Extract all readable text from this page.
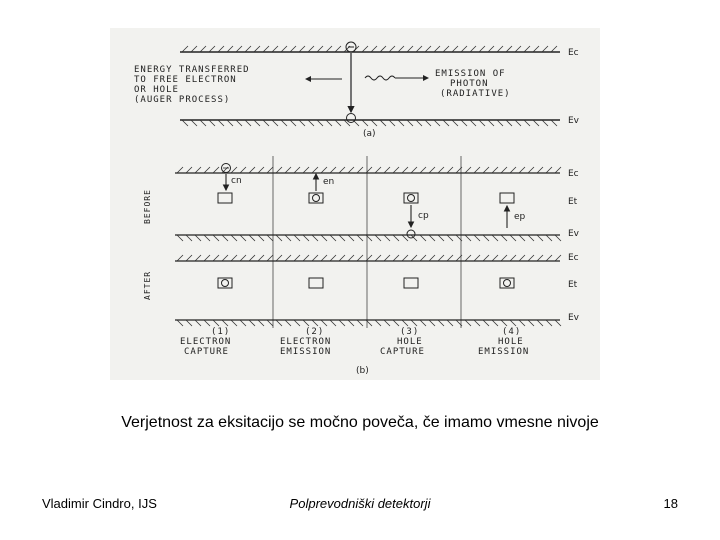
Ec
Ev
ENERGY TRANSFERRED
TO FREE ELECTRON
OR HOLE
(AUGER PROCESS)
EMISSION OF
PHOTON
(RADIATIVE)
(a)
BEFORE
AFTER
Ec
Et
Ev
Ec
Et
Ev
cn	en
cp	ep
(1)
ELECTRON
CAPTURE
(2)
ELECTRON
EMISSION
(3)
HOLE
CAPTURE
(4)
HOLE
EMISSION
(b)
Verjetnost za eksitacijo se močno poveča, če imamo vmesne nivoje
Vladimir Cindro, IJS	Polprevodniški detektorji	18
